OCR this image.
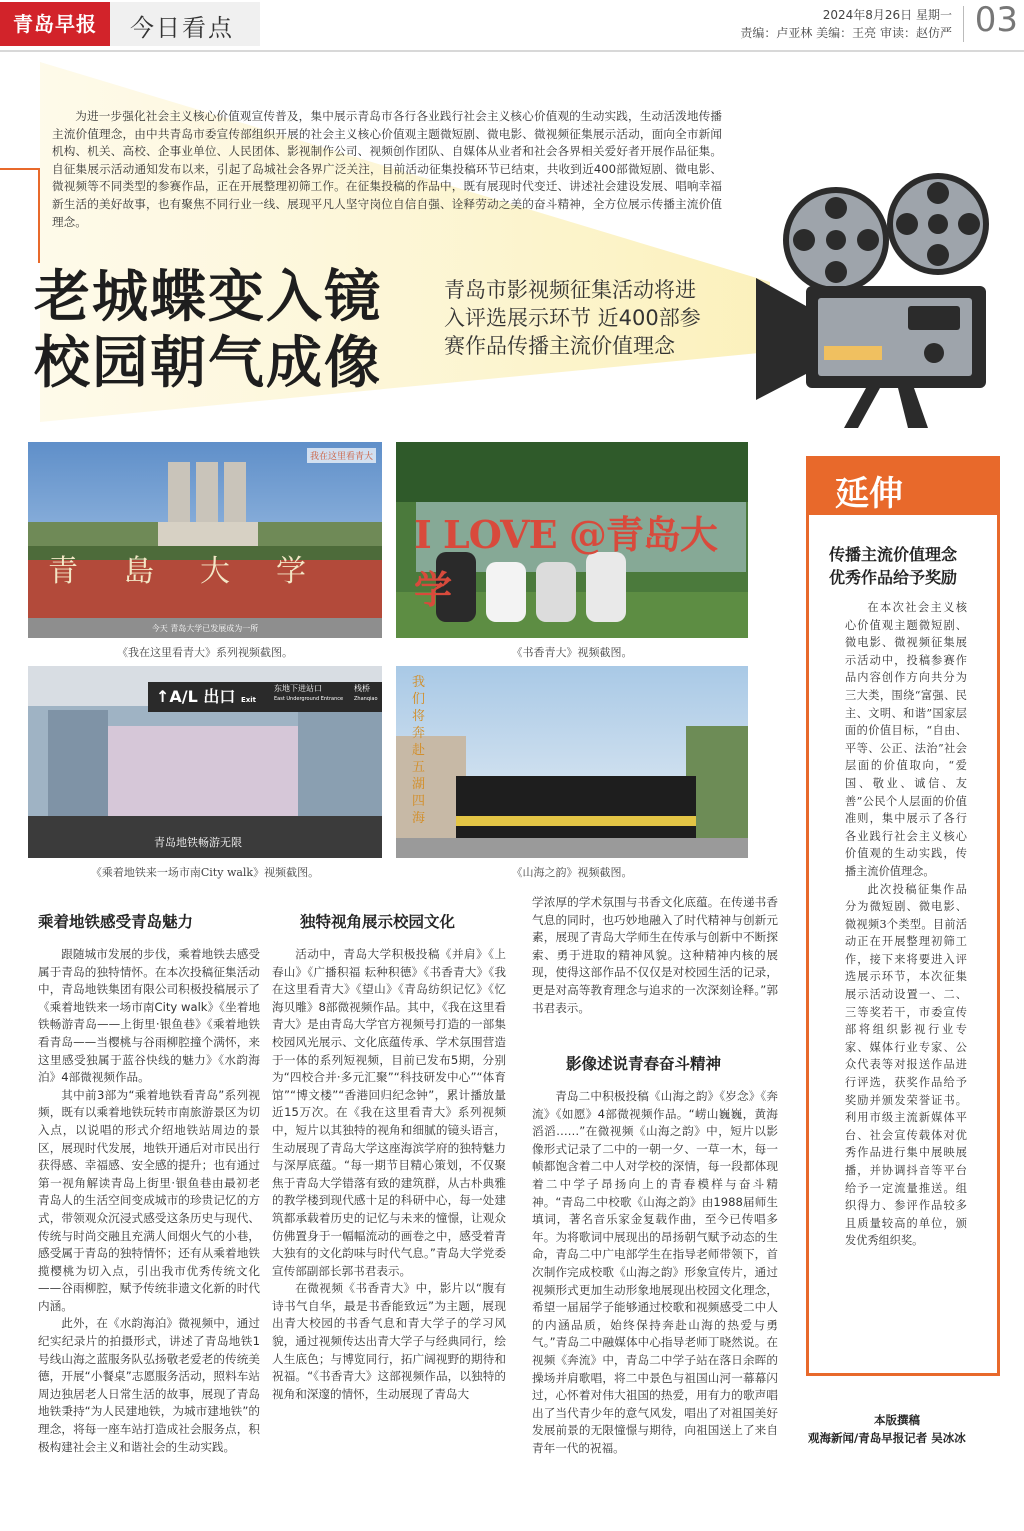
青岛早报	今日看点	2024年8月26日 星期一
责编：卢亚林 美编：王亮 审读：赵仿严 03
为进一步强化社会主义核心价值观宣传普及，集中展示青岛市各行各业践行社会主义核心价值观的生动实践，生动活泼地传播主流价值理念，由中共青岛市委宣传部组织开展的社会主义核心价值观主题微短剧、微电影、微视频征集展示活动，面向全市新闻机构、机关、高校、企事业单位、人民团体、影视制作公司、视频创作团队、自媒体从业者和社会各界相关爱好者开展作品征集。自征集展示活动通知发布以来，引起了岛城社会各界广泛关注，目前活动征集投稿环节已结束，共收到近400部微短剧、微电影、微视频等不同类型的参赛作品，正在开展整理初筛工作。在征集投稿的作品中，既有展现时代变迁、讲述社会建设发展、唱响幸福新生活的美好故事，也有聚焦不同行业一线、展现平凡人坚守岗位自信自强、诠释劳动之美的奋斗精神，全方位展示传播主流价值理念。
老城蝶变入镜
校园朝气成像
青岛市影视频征集活动将进入评选展示环节 近400部参赛作品传播主流价值理念
青島大学
我在这里看青大
今天 青岛大学已发展成为一所
《我在这里看青大》系列视频截图。
I LOVE @青岛大学
《书香青大》视频截图。
↑A/L 出口 Exit
东地下进站口
East Underground Entrance
栈桥
Zhanqiao
青岛地铁畅游无限
《乘着地铁来一场市南City walk》视频截图。
我们将奔赴五湖四海
《山海之韵》视频截图。
延伸
传播主流价值理念
优秀作品给予奖励

在本次社会主义核心价值观主题微短剧、微电影、微视频征集展示活动中，投稿参赛作品内容创作方向共分为三大类，围绕“富强、民主、文明、和谐”国家层面的价值目标，“自由、平等、公正、法治”社会层面的价值取向，“爱国、敬业、诚信、友善”公民个人层面的价值准则，集中展示了各行各业践行社会主义核心价值观的生动实践，传播主流价值理念。

此次投稿征集作品分为微短剧、微电影、微视频3个类型。目前活动正在开展整理初筛工作，接下来将要进入评选展示环节，本次征集展示活动设置一、二、三等奖若干，市委宣传部将组织影视行业专家、媒体行业专家、公众代表等对报送作品进行评选，获奖作品给予奖励并颁发荣誉证书。利用市级主流新媒体平台、社会宣传载体对优秀作品进行集中展映展播，并协调抖音等平台给予一定流量推送。组织得力、参评作品较多且质量较高的单位，颁发优秀组织奖。

本版撰稿
观海新闻/青岛早报记者 吴冰冰
乘着地铁感受青岛魅力

跟随城市发展的步伐，乘着地铁去感受属于青岛的独特情怀。在本次投稿征集活动中，青岛地铁集团有限公司积极投稿展示了《乘着地铁来一场市南City walk》《坐着地铁畅游青岛——上街里·银鱼巷》《乘着地铁看青岛——当樱桃与谷雨柳腔撞个满怀，来这里感受独属于蓝谷快线的魅力》《水韵海泊》4部微视频作品。

其中前3部为“乘着地铁看青岛”系列视频，既有以乘着地铁玩转市南旅游景区为切入点，以说唱的形式介绍地铁站周边的景区，展现时代发展，地铁开通后对市民出行获得感、幸福感、安全感的提升；也有通过第一视角解读青岛上街里·银鱼巷由最初老青岛人的生活空间变成城市的珍贵记忆的方式，带领观众沉浸式感受这条历史与现代、传统与时尚交融且充满人间烟火气的小巷，感受属于青岛的独特情怀；还有从乘着地铁揽樱桃为切入点，引出我市优秀传统文化——谷雨柳腔，赋予传统非遗文化新的时代内涵。

此外，在《水韵海泊》微视频中，通过纪实纪录片的拍摄形式，讲述了青岛地铁1号线山海之蓝服务队弘扬敬老爱老的传统美德，开展“小餐桌”志愿服务活动，照料车站周边独居老人日常生活的故事，展现了青岛地铁秉持“为人民建地铁，为城市建地铁”的理念，将每一座车站打造成社会服务点，积极构建社会主义和谐社会的生动实践。

独特视角展示校园文化

活动中，青岛大学积极投稿《并肩》《上春山》《广播积福 耘种积德》《书香青大》《我在这里看青大》《望山》《青岛纺织记忆》《忆海贝雕》8部微视频作品。其中，《我在这里看青大》是由青岛大学官方视频号打造的一部集校园风光展示、文化底蕴传承、学术氛围营造于一体的系列短视频，目前已发布5期，分别为“四校合并·多元汇聚”“科技研发中心”“体育馆”“博文楼”“香港回归纪念钟”，累计播放量近15万次。在《我在这里看青大》系列视频中，短片以其独特的视角和细腻的镜头语言，生动展现了青岛大学这座海滨学府的独特魅力与深厚底蕴。“每一期节目精心策划，不仅聚焦于青岛大学错落有致的建筑群，从古朴典雅的教学楼到现代感十足的科研中心，每一处建筑都承载着历史的记忆与未来的憧憬，让观众仿佛置身于一幅幅流动的画卷之中，感受着青大独有的文化韵味与时代气息。”青岛大学党委宣传部副部长郭书君表示。

在微视频《书香青大》中，影片以“腹有诗书气自华，最是书香能致远”为主题，展现出青大校园的书香气息和青大学子的学习风貌，通过视频传达出青大学子与经典同行，绘人生底色；与博览同行，拓广阔视野的期待和祝福。“《书香青大》这部视频作品，以独特的视角和深邃的情怀，生动展现了青岛大

学浓厚的学术氛围与书香文化底蕴。在传递书香气息的同时，也巧妙地融入了时代精神与创新元素，展现了青岛大学师生在传承与创新中不断探索、勇于进取的精神风貌。这种精神内核的展现，使得这部作品不仅仅是对校园生活的记录，更是对高等教育理念与追求的一次深刻诠释。”郭书君表示。

影像述说青春奋斗精神

青岛二中积极投稿《山海之韵》《岁念》《奔流》《如愿》4部微视频作品。“崂山巍巍，黄海滔滔……”在微视频《山海之韵》中，短片以影像形式记录了二中的一朝一夕、一草一木，每一帧都饱含着二中人对学校的深情，每一段都体现着二中学子昂扬向上的青春模样与奋斗精神。“青岛二中校歌《山海之韵》由1988届师生填词，著名音乐家金复载作曲，至今已传唱多年。为将歌词中展现出的昂扬朝气赋予动态的生命，青岛二中广电部学生在指导老师带领下，首次制作完成校歌《山海之韵》形象宣传片，通过视频形式更加生动形象地展现出校园文化理念，希望一届届学子能够通过校歌和视频感受二中人的内涵品质，始终保持奔赴山海的热爱与勇气。”青岛二中融媒体中心指导老师丁晓然说。在视频《奔流》中，青岛二中学子站在落日余晖的操场并肩歌唱，将二中景色与祖国山河一幕幕闪过，心怀着对伟大祖国的热爱，用有力的歌声唱出了当代青少年的意气风发，唱出了对祖国美好发展前景的无限憧憬与期待，向祖国送上了来自青年一代的祝福。
